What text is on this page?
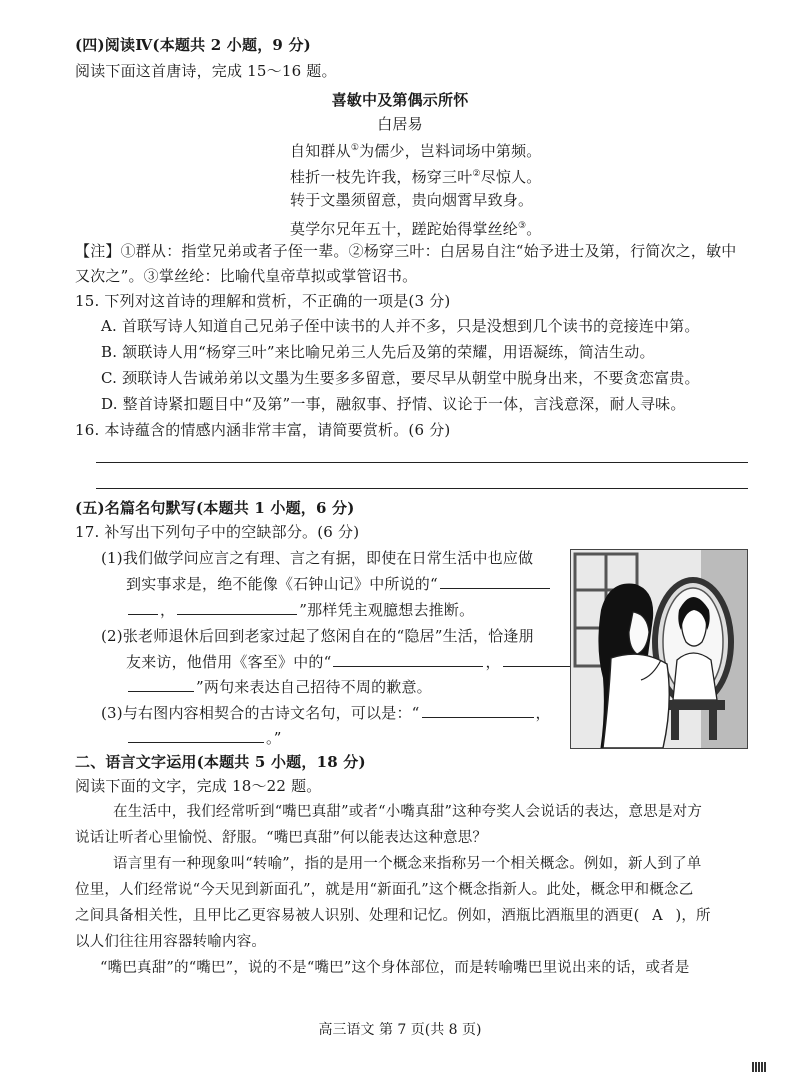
(四)阅读Ⅳ(本题共 2 小题，9 分)
阅读下面这首唐诗，完成 15～16 题。
喜敏中及第偶示所怀
白居易
自知群从①为儒少，岂料词场中第频。
桂折一枝先许我，杨穿三叶②尽惊人。
转于文墨须留意，贵向烟霄早致身。
莫学尔兄年五十，蹉跎始得掌丝纶③。
【注】①群从：指堂兄弟或者子侄一辈。②杨穿三叶：白居易自注“始予进士及第，行简次之，敏中
又次之”。③掌丝纶：比喻代皇帝草拟或掌管诏书。
15. 下列对这首诗的理解和赏析，不正确的一项是(3 分)
A. 首联写诗人知道自己兄弟子侄中读书的人并不多，只是没想到几个读书的竞接连中第。
B. 颔联诗人用“杨穿三叶”来比喻兄弟三人先后及第的荣耀，用语凝练，简洁生动。
C. 颈联诗人告诫弟弟以文墨为生要多多留意，要尽早从朝堂中脱身出来，不要贪恋富贵。
D. 整首诗紧扣题目中“及第”一事，融叙事、抒情、议论于一体，言浅意深，耐人寻味。
16. 本诗蕴含的情感内涵非常丰富，请简要赏析。(6 分)
(五)名篇名句默写(本题共 1 小题，6 分)
17. 补写出下列句子中的空缺部分。(6 分)
(1)我们做学问应言之有理、言之有据，即使在日常生活中也应做
到实事求是，绝不能像《石钟山记》中所说的“
，	”那样凭主观臆想去推断。
(2)张老师退休后回到老家过起了悠闲自在的“隐居”生活，恰逢朋
友来访，他借用《客至》中的“	，
”两句来表达自己招待不周的歉意。
(3)与右图内容相契合的古诗文名句，可以是：“	，
。”
二、语言文字运用(本题共 5 小题，18 分)
阅读下面的文字，完成 18～22 题。
在生活中，我们经常听到“嘴巴真甜”或者“小嘴真甜”这种夸奖人会说话的表达，意思是对方
说话让听者心里愉悦、舒服。“嘴巴真甜”何以能表达这种意思？
语言里有一种现象叫“转喻”，指的是用一个概念来指称另一个相关概念。例如，新人到了单
位里，人们经常说“今天见到新面孔”，就是用“新面孔”这个概念指新人。此处，概念甲和概念乙
之间具备相关性，且甲比乙更容易被人识别、处理和记忆。例如，酒瓶比酒瓶里的酒更( A )，所
以人们往往用容器转喻内容。
“嘴巴真甜”的“嘴巴”，说的不是“嘴巴”这个身体部位，而是转喻嘴巴里说出来的话，或者是
高三语文 第 7 页(共 8 页)
